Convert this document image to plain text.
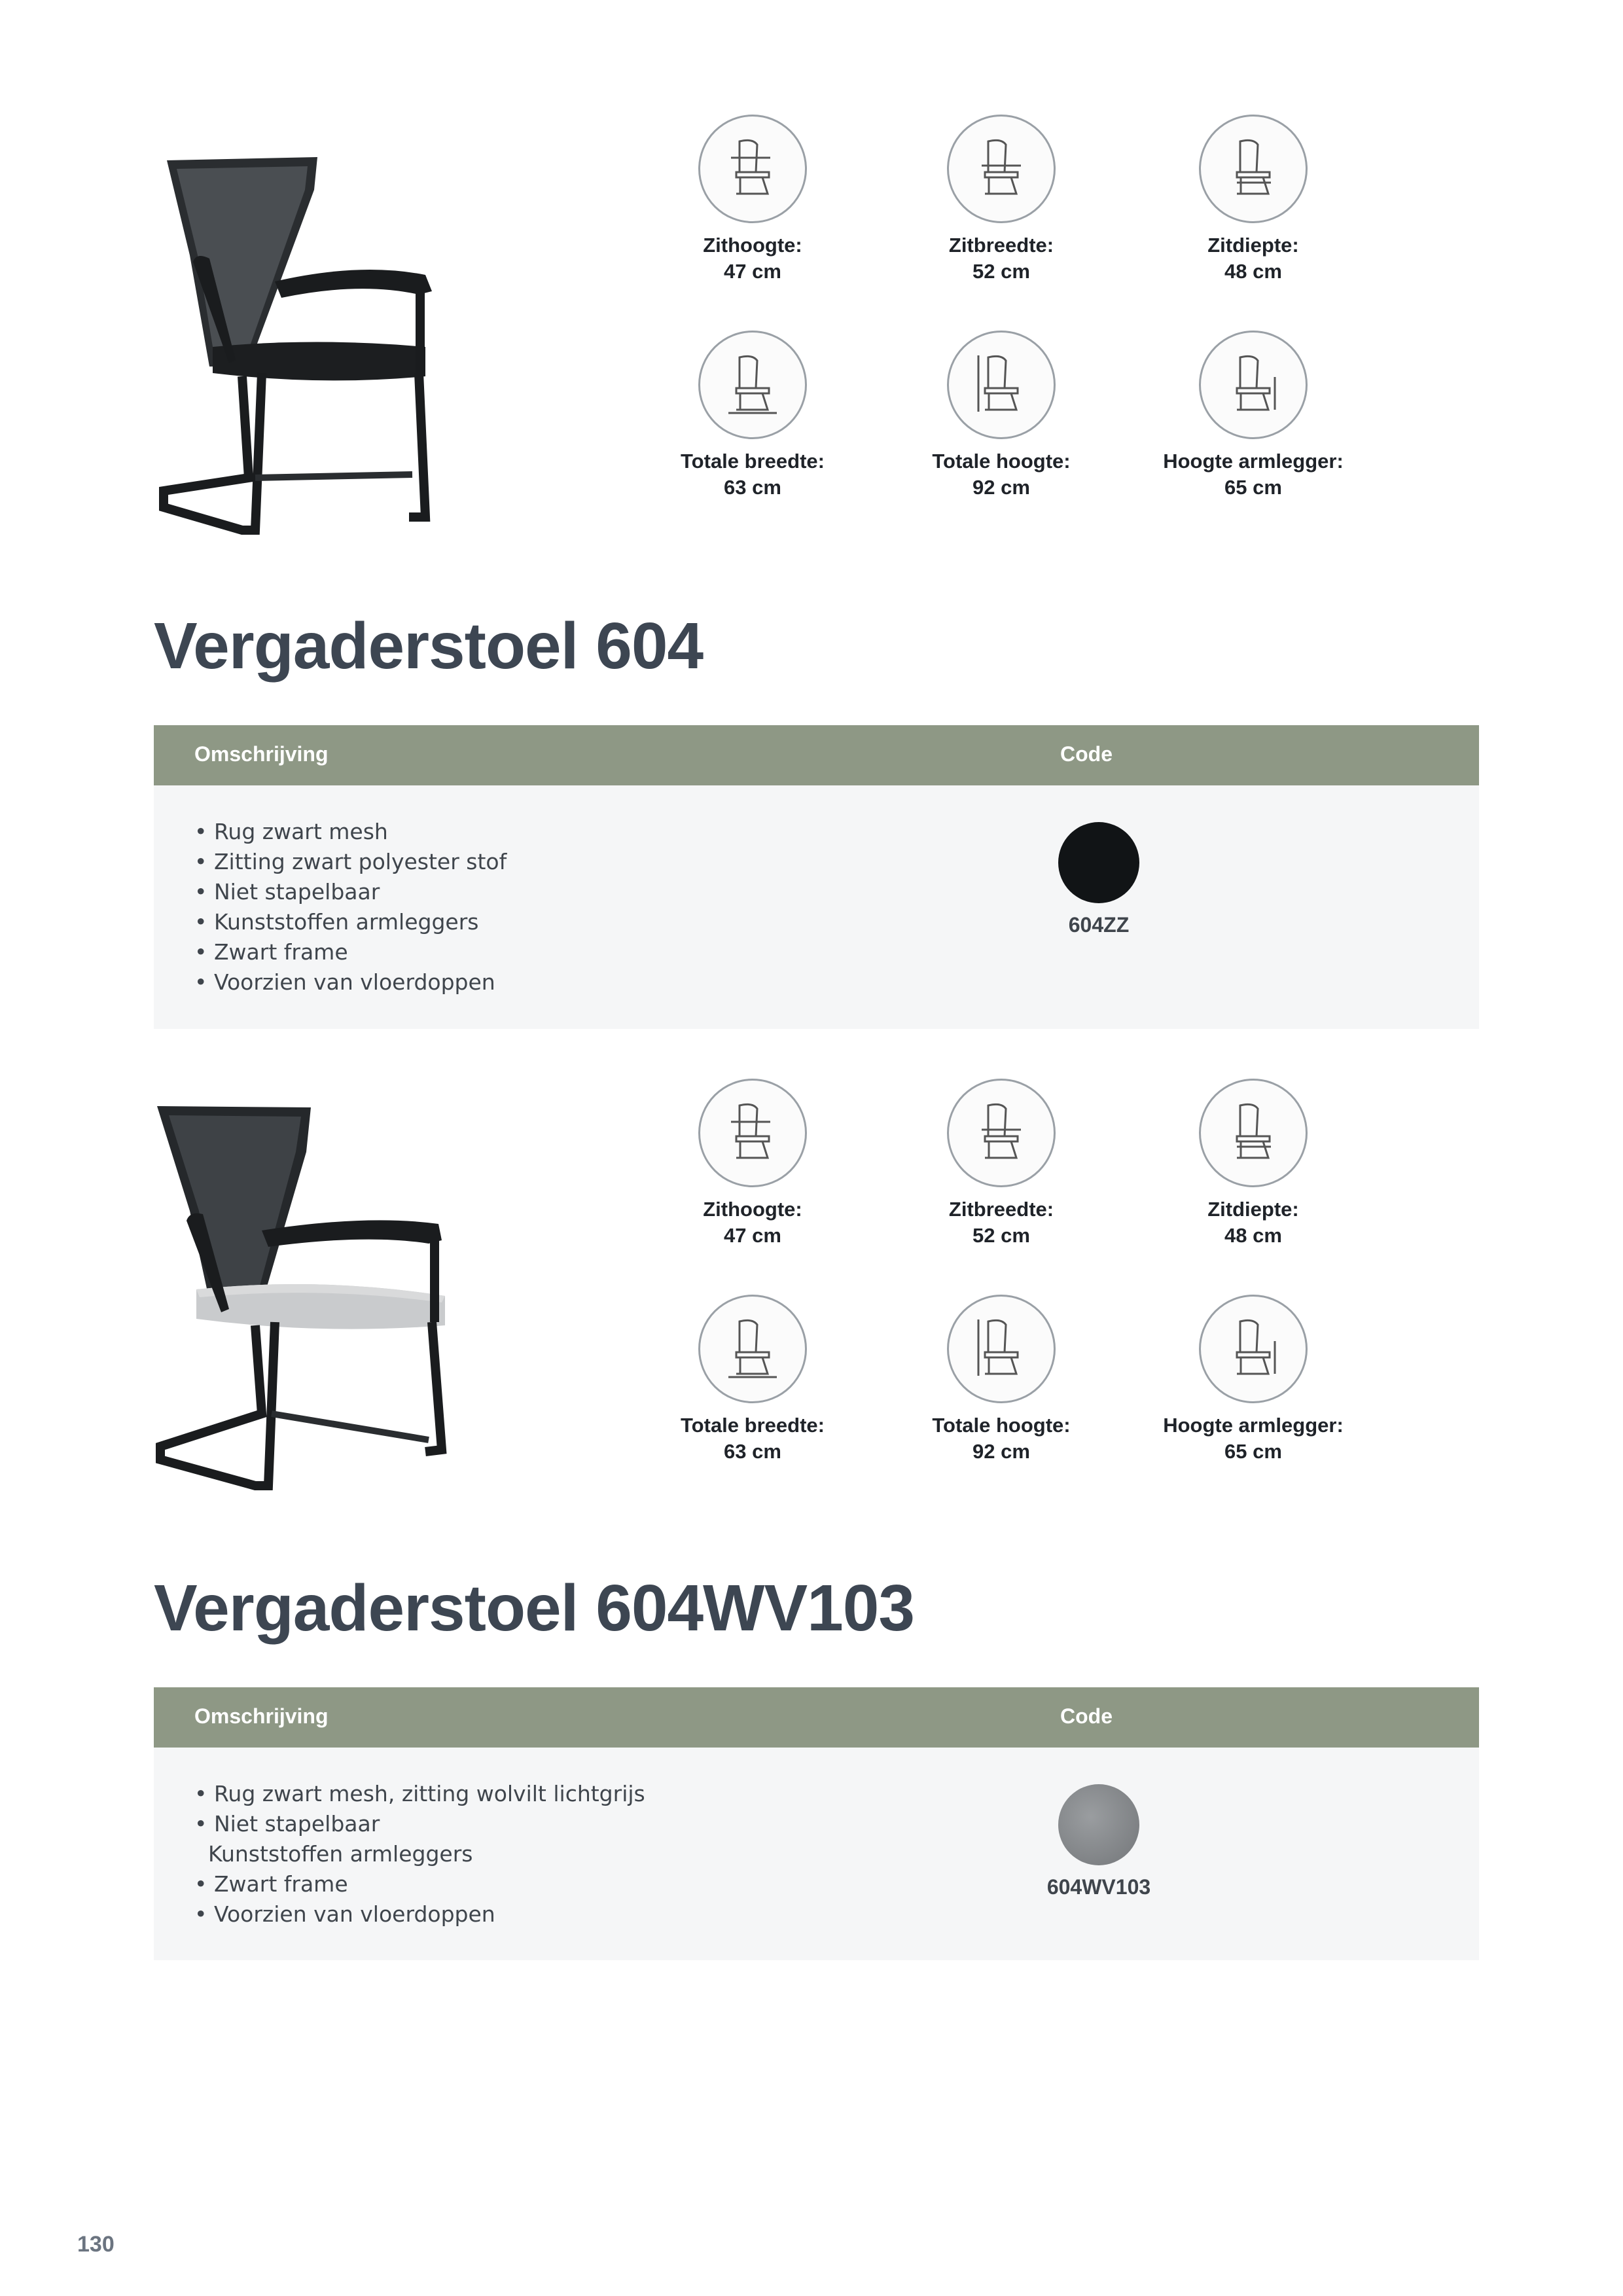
Zithoogte:
47 cm
Zitbreedte:
52 cm
Zitdiepte:
48 cm
Totale breedte:
63 cm
Totale hoogte:
92 cm
Hoogte armlegger:
65 cm
Vergaderstoel 604
Omschrijving	Code
• Rug zwart mesh
• Zitting zwart polyester stof
• Niet stapelbaar
• Kunststoffen armleggers
• Zwart frame
• Voorzien van vloerdoppen
604ZZ
Zithoogte:
47 cm
Zitbreedte:
52 cm
Zitdiepte:
48 cm
Totale breedte:
63 cm
Totale hoogte:
92 cm
Hoogte armlegger:
65 cm
Vergaderstoel 604WV103
Omschrijving	Code
• Rug zwart mesh, zitting wolvilt lichtgrijs
• Niet stapelbaar
Kunststoffen armleggers
• Zwart frame
• Voorzien van vloerdoppen
604WV103
130
